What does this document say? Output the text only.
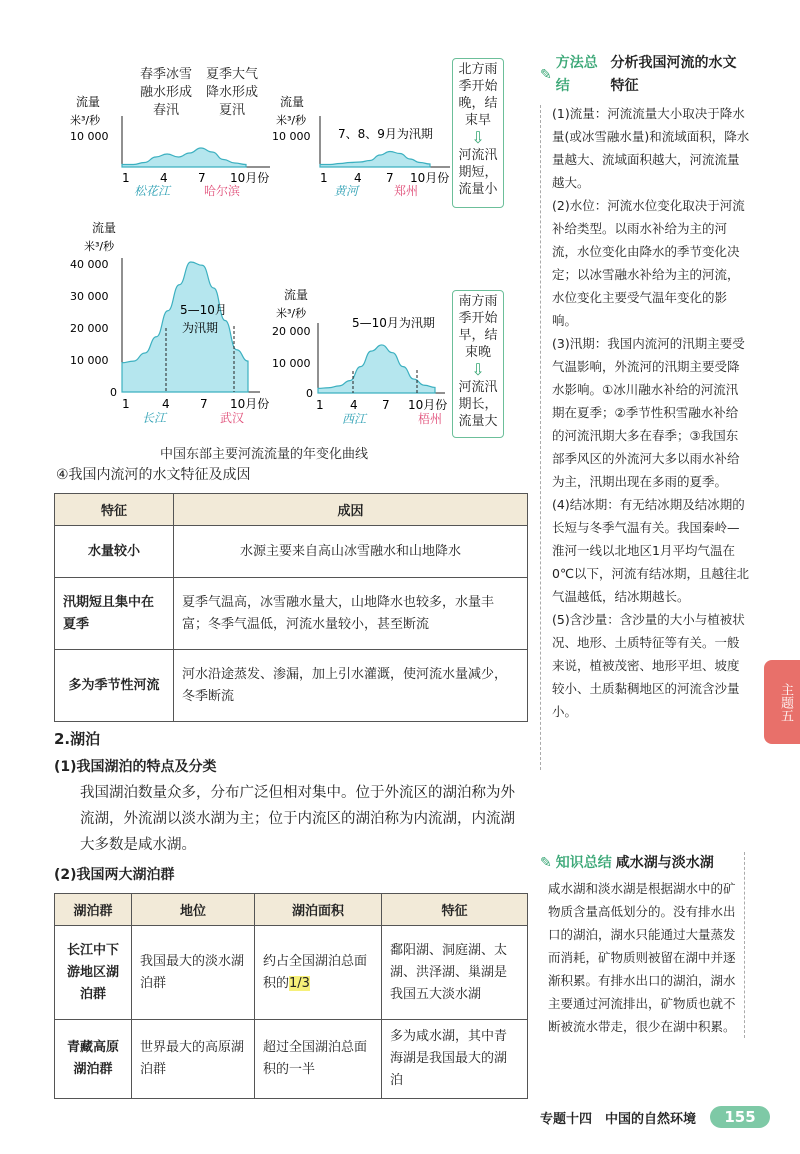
流量
米³/秒
10 000
1	4	7 10月份
松花江	哈尔滨
春季冰雪
融水形成
春汛
夏季大气
降水形成
夏汛
流量
米³/秒
10 000 7、8、9月为汛期
1 4 7 10月份
黄河	郑州
北方雨
季开始
晚，结
束早
⇩
河流汛
期短，
流量小
流量
米³/秒
40 000
30 000
20 000
10 000
0
5—10月
为汛期
1	4	7 10月份
长江	武汉
流量
米³/秒
20 000
10 000
0
5—10月为汛期
1 4 7 10月份
西江	梧州
南方雨
季开始
早，结
束晚
⇩
河流汛
期长，
流量大
中国东部主要河流流量的年变化曲线
④我国内流河的水文特征及成因
特征	成因
水量较小	水源主要来自高山冰雪融水和山地降水
汛期短且集中在夏季	夏季气温高，冰雪融水量大，山地降水也较多，水量丰富；冬季气温低，河流水量较小，甚至断流
多为季节性河流	河水沿途蒸发、渗漏，加上引水灌溉，使河流水量减少，冬季断流
2.湖泊
(1)我国湖泊的特点及分类
我国湖泊数量众多，分布广泛但相对集中。位于外流区的湖泊称为外流湖，外流湖以淡水湖为主；位于内流区的湖泊称为内流湖，内流湖大多数是咸水湖。
(2)我国两大湖泊群
湖泊群	地位	湖泊面积	特征
长江中下游地区湖泊群	我国最大的淡水湖泊群	约占全国湖泊总面积的1/3	鄱阳湖、洞庭湖、太湖、洪泽湖、巢湖是我国五大淡水湖
青藏高原湖泊群	世界最大的高原湖泊群	超过全国湖泊总面积的一半	多为咸水湖，其中青海湖是我国最大的湖泊
✎
方法总结
分析我国河流的水文特征
(1)流量：河流流量大小取决于降水量(或冰雪融水量)和流域面积，降水量越大、流域面积越大，河流流量越大。
(2)水位：河流水位变化取决于河流补给类型。以雨水补给为主的河流，水位变化由降水的季节变化决定；以冰雪融水补给为主的河流，水位变化主要受气温年变化的影响。
(3)汛期：我国内流河的汛期主要受气温影响，外流河的汛期主要受降水影响。①冰川融水补给的河流汛期在夏季；②季节性积雪融水补给的河流汛期大多在春季；③我国东部季风区的外流河大多以雨水补给为主，汛期出现在多雨的夏季。
(4)结冰期：有无结冰期及结冰期的长短与冬季气温有关。我国秦岭—淮河一线以北地区1月平均气温在0℃以下，河流有结冰期，且越往北气温越低，结冰期越长。
(5)含沙量：含沙量的大小与植被状况、地形、土质特征等有关。一般来说，植被茂密、地形平坦、坡度较小、土质黏稠地区的河流含沙量小。
✎ 知识总结 咸水湖与淡水湖
咸水湖和淡水湖是根据湖水中的矿物质含量高低划分的。没有排水出口的湖泊，湖水只能通过大量蒸发而消耗，矿物质则被留在湖中并逐渐积累。有排水出口的湖泊，湖水主要通过河流排出，矿物质也就不断被流水带走，很少在湖中积累。
主题五
专题十四　中国的自然环境	155
